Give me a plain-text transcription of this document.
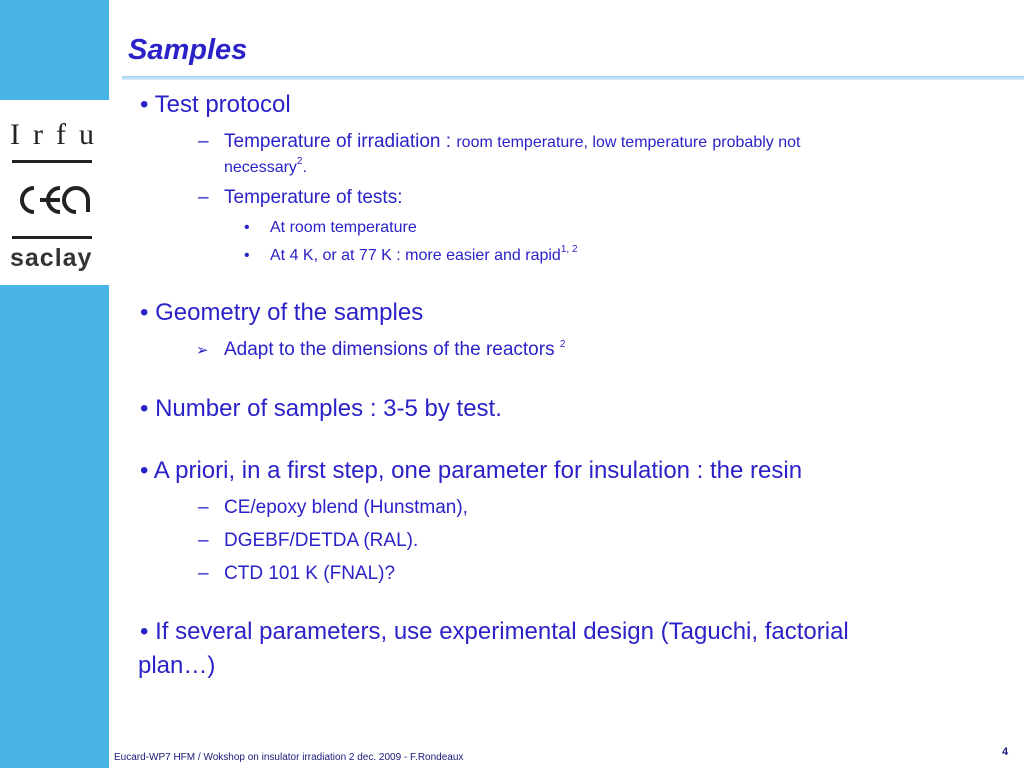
Irfu
saclay
Samples
• Test protocol
– Temperature of irradiation : room temperature, low temperature probably not
necessary$^2$.
– Temperature of tests:
• At room temperature
• At 4 K, or at 77 K : more easier and rapid$^{1, 2}$
• Geometry of the samples
➢ Adapt to the dimensions of the reactors $^2$
• Number of samples : 3-5 by test.
• A priori, in a first step, one parameter for insulation : the resin
– CE/epoxy blend (Hunstman),
– DGEBF/DETDA (RAL).
– CTD 101 K (FNAL)?
• If several parameters, use experimental design (Taguchi, factorial
plan…)
Eucard-WP7 HFM / Wokshop on insulator irradiation 2 dec. 2009 - F.Rondeaux	4
